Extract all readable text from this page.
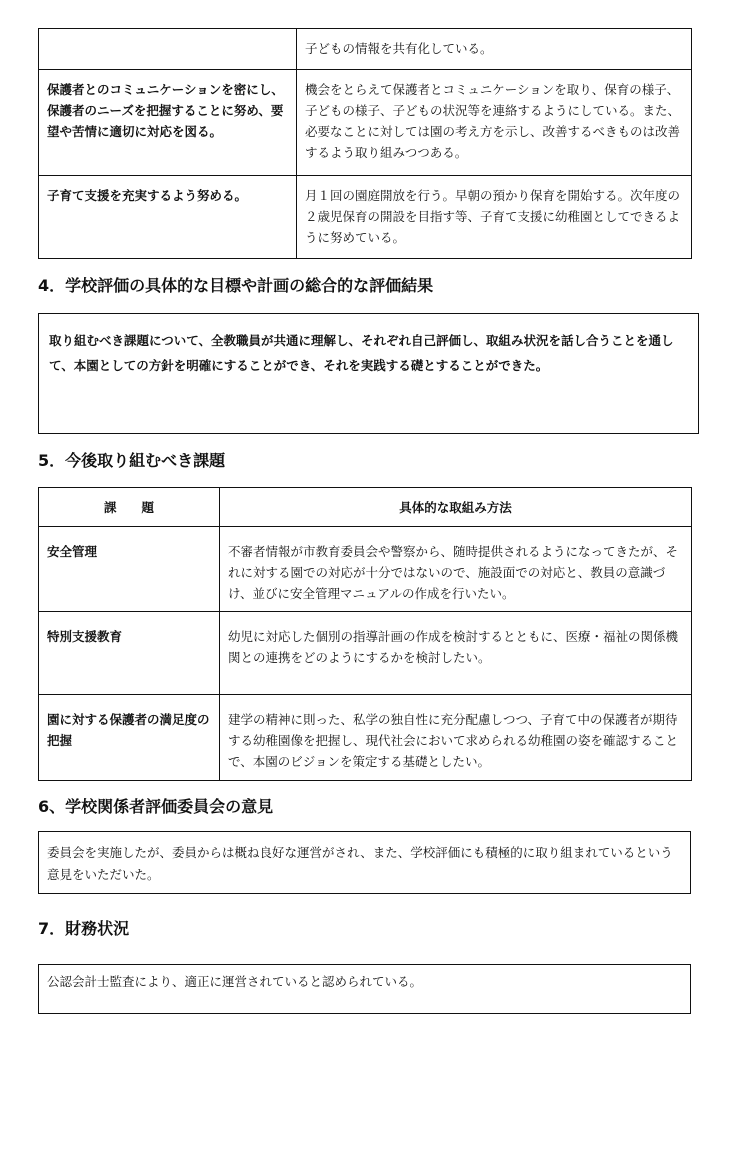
	子どもの情報を共有化している。
保護者とのコミュニケーションを密にし、保護者のニーズを把握することに努め、要望や苦情に適切に対応を図る。	機会をとらえて保護者とコミュニケーションを取り、保育の様子、子どもの様子、子どもの状況等を連絡するようにしている。また、必要なことに対しては園の考え方を示し、改善するべきものは改善するよう取り組みつつある。
子育て支援を充実するよう努める。	月１回の園庭開放を行う。早朝の預かり保育を開始する。次年度の２歳児保育の開設を目指す等、子育て支援に幼稚園としてできるように努めている。
4．学校評価の具体的な目標や計画の総合的な評価結果
取り組むべき課題について、全教職員が共通に理解し、それぞれ自己評価し、取組み状況を話し合うことを通して、本園としての方針を明確にすることができ、それを実践する礎とすることができた。
5．今後取り組むべき課題
課　　題	具体的な取組み方法
安全管理	不審者情報が市教育委員会や警察から、随時提供されるようになってきたが、それに対する園での対応が十分ではないので、施設面での対応と、教員の意識づけ、並びに安全管理マニュアルの作成を行いたい。
特別支援教育	幼児に対応した個別の指導計画の作成を検討するとともに、医療・福祉の関係機関との連携をどのようにするかを検討したい。
園に対する保護者の満足度の把握	建学の精神に則った、私学の独自性に充分配慮しつつ、子育て中の保護者が期待する幼稚園像を把握し、現代社会において求められる幼稚園の姿を確認することで、本園のビジョンを策定する基礎としたい。
6、学校関係者評価委員会の意見
委員会を実施したが、委員からは概ね良好な運営がされ、また、学校評価にも積極的に取り組まれているという意見をいただいた。
7．財務状況
公認会計士監査により、適正に運営されていると認められている。
